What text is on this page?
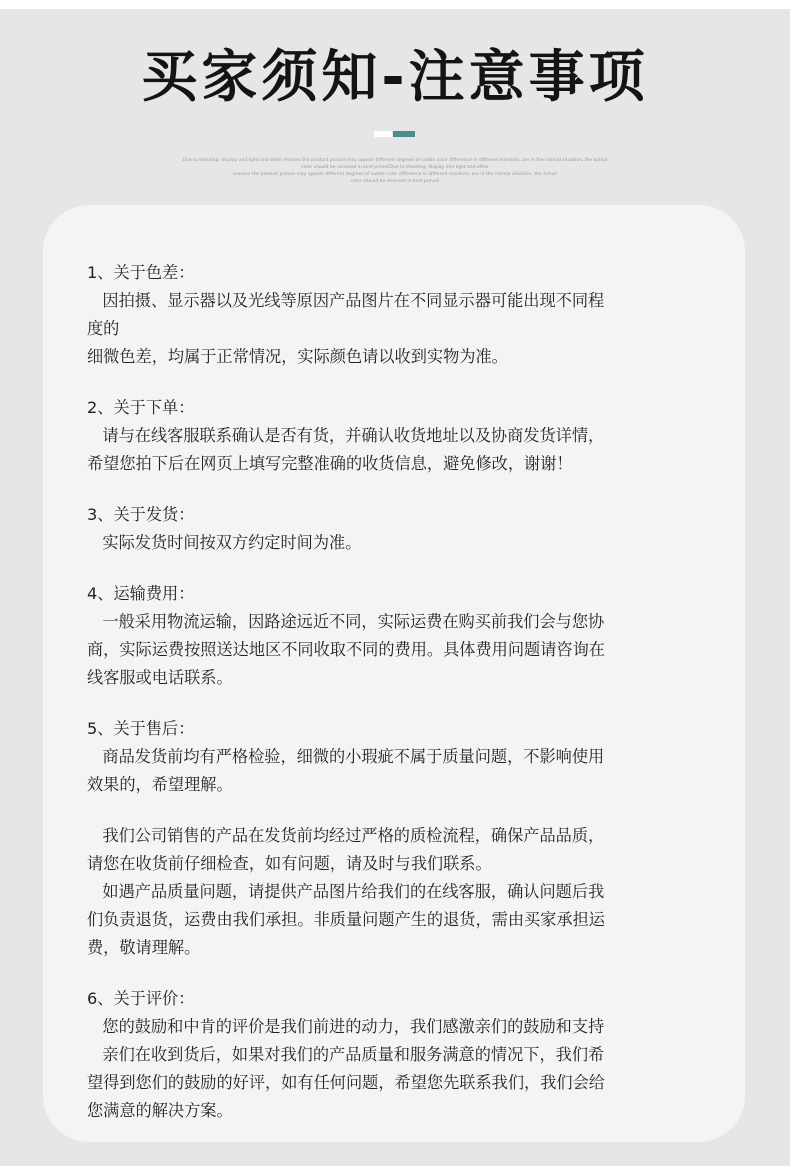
买家须知-注意事项
Due to shooting, display and light and other reasons the product picture may appear different degrees of subtle color difference in different monitors, are in the normal situation, the actual
color should be received in kind prevailDue to shooting, display and light and other
reasons the product picture may appear different degrees of subtle color difference in different monitors, are in the normal situation, the actual
color should be received in kind prevail
1、关于色差：
因拍摄、显示器以及光线等原因产品图片在不同显示器可能出现不同程
度的
细微色差，均属于正常情况，实际颜色请以收到实物为准。
2、关于下单：
请与在线客服联系确认是否有货，并确认收货地址以及协商发货详情，
希望您拍下后在网页上填写完整准确的收货信息，避免修改，谢谢！
3、关于发货：
实际发货时间按双方约定时间为准。
4、运输费用：
一般采用物流运输，因路途远近不同，实际运费在购买前我们会与您协
商，实际运费按照送达地区不同收取不同的费用。具体费用问题请咨询在
线客服或电话联系。
5、关于售后：
商品发货前均有严格检验，细微的小瑕疵不属于质量问题，不影响使用
效果的，希望理解。
我们公司销售的产品在发货前均经过严格的质检流程，确保产品品质，
请您在收货前仔细检查，如有问题，请及时与我们联系。
如遇产品质量问题，请提供产品图片给我们的在线客服，确认问题后我
们负责退货，运费由我们承担。非质量问题产生的退货，需由买家承担运
费，敬请理解。
6、关于评价：
您的鼓励和中肯的评价是我们前进的动力，我们感激亲们的鼓励和支持
亲们在收到货后，如果对我们的产品质量和服务满意的情况下，我们希
望得到您们的鼓励的好评，如有任何问题，希望您先联系我们，我们会给
您满意的解决方案。
